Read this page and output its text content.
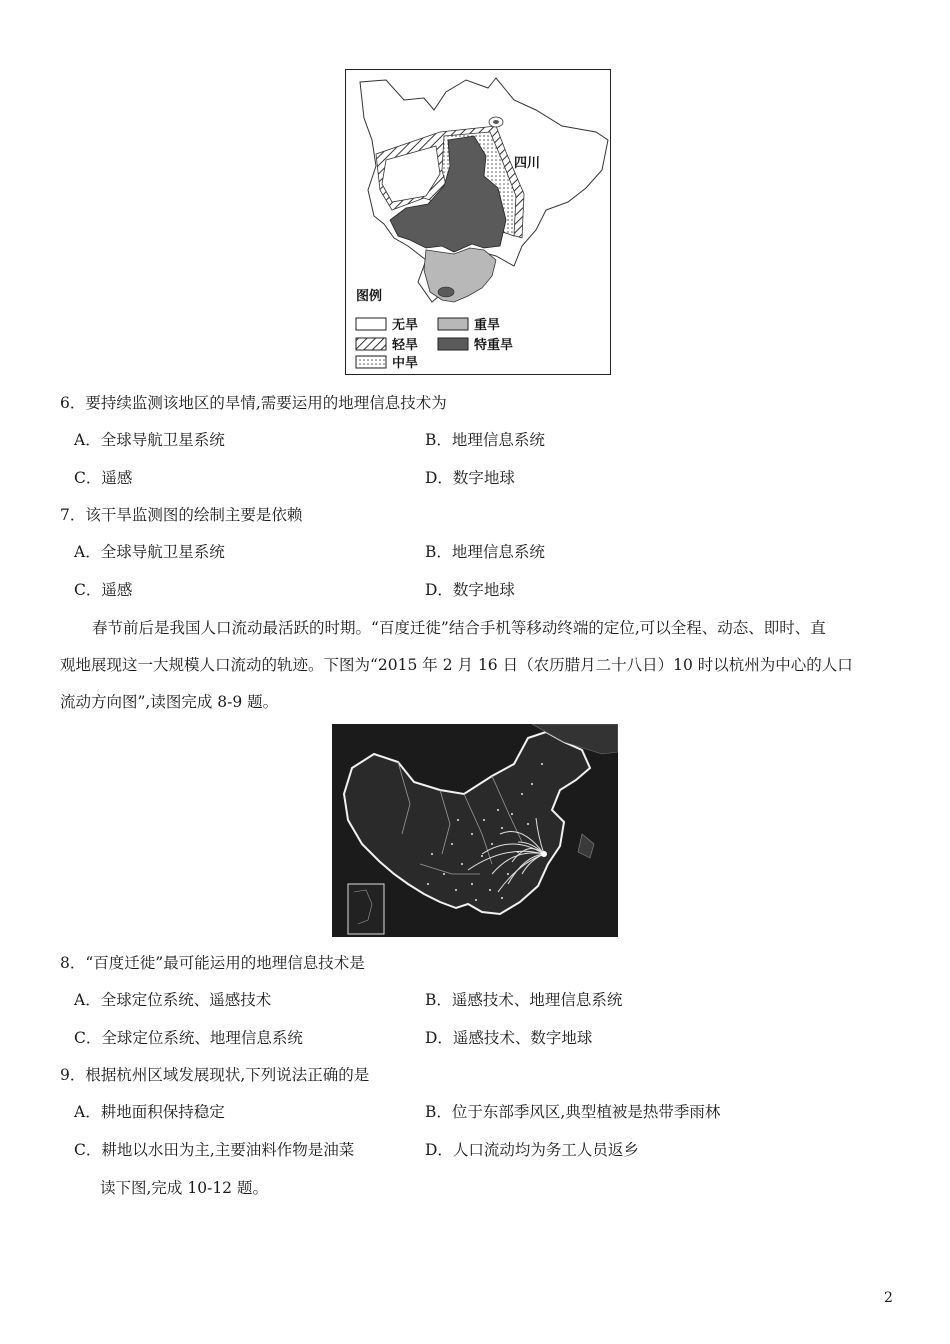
四川
图例
无旱	重旱
轻旱	特重旱
中旱
6．要持续监测该地区的旱情,需要运用的地理信息技术为
A．全球导航卫星系统	B．地理信息系统
C．遥感	D．数字地球
7．该干旱监测图的绘制主要是依赖
A．全球导航卫星系统	B．地理信息系统
C．遥感	D．数字地球
春节前后是我国人口流动最活跃的时期。“百度迁徙”结合手机等移动终端的定位,可以全程、动态、即时、直
观地展现这一大规模人口流动的轨迹。下图为“2015 年 2 月 16 日（农历腊月二十八日）10 时以杭州为中心的人口
流动方向图”,读图完成 8-9 题。
8．“百度迁徙”最可能运用的地理信息技术是
A．全球定位系统、遥感技术	B．遥感技术、地理信息系统
C．全球定位系统、地理信息系统	D．遥感技术、数字地球
9．根据杭州区域发展现状,下列说法正确的是
A．耕地面积保持稳定	B．位于东部季风区,典型植被是热带季雨林
C．耕地以水田为主,主要油料作物是油菜	D．人口流动均为务工人员返乡
读下图,完成 10-12 题。
2
